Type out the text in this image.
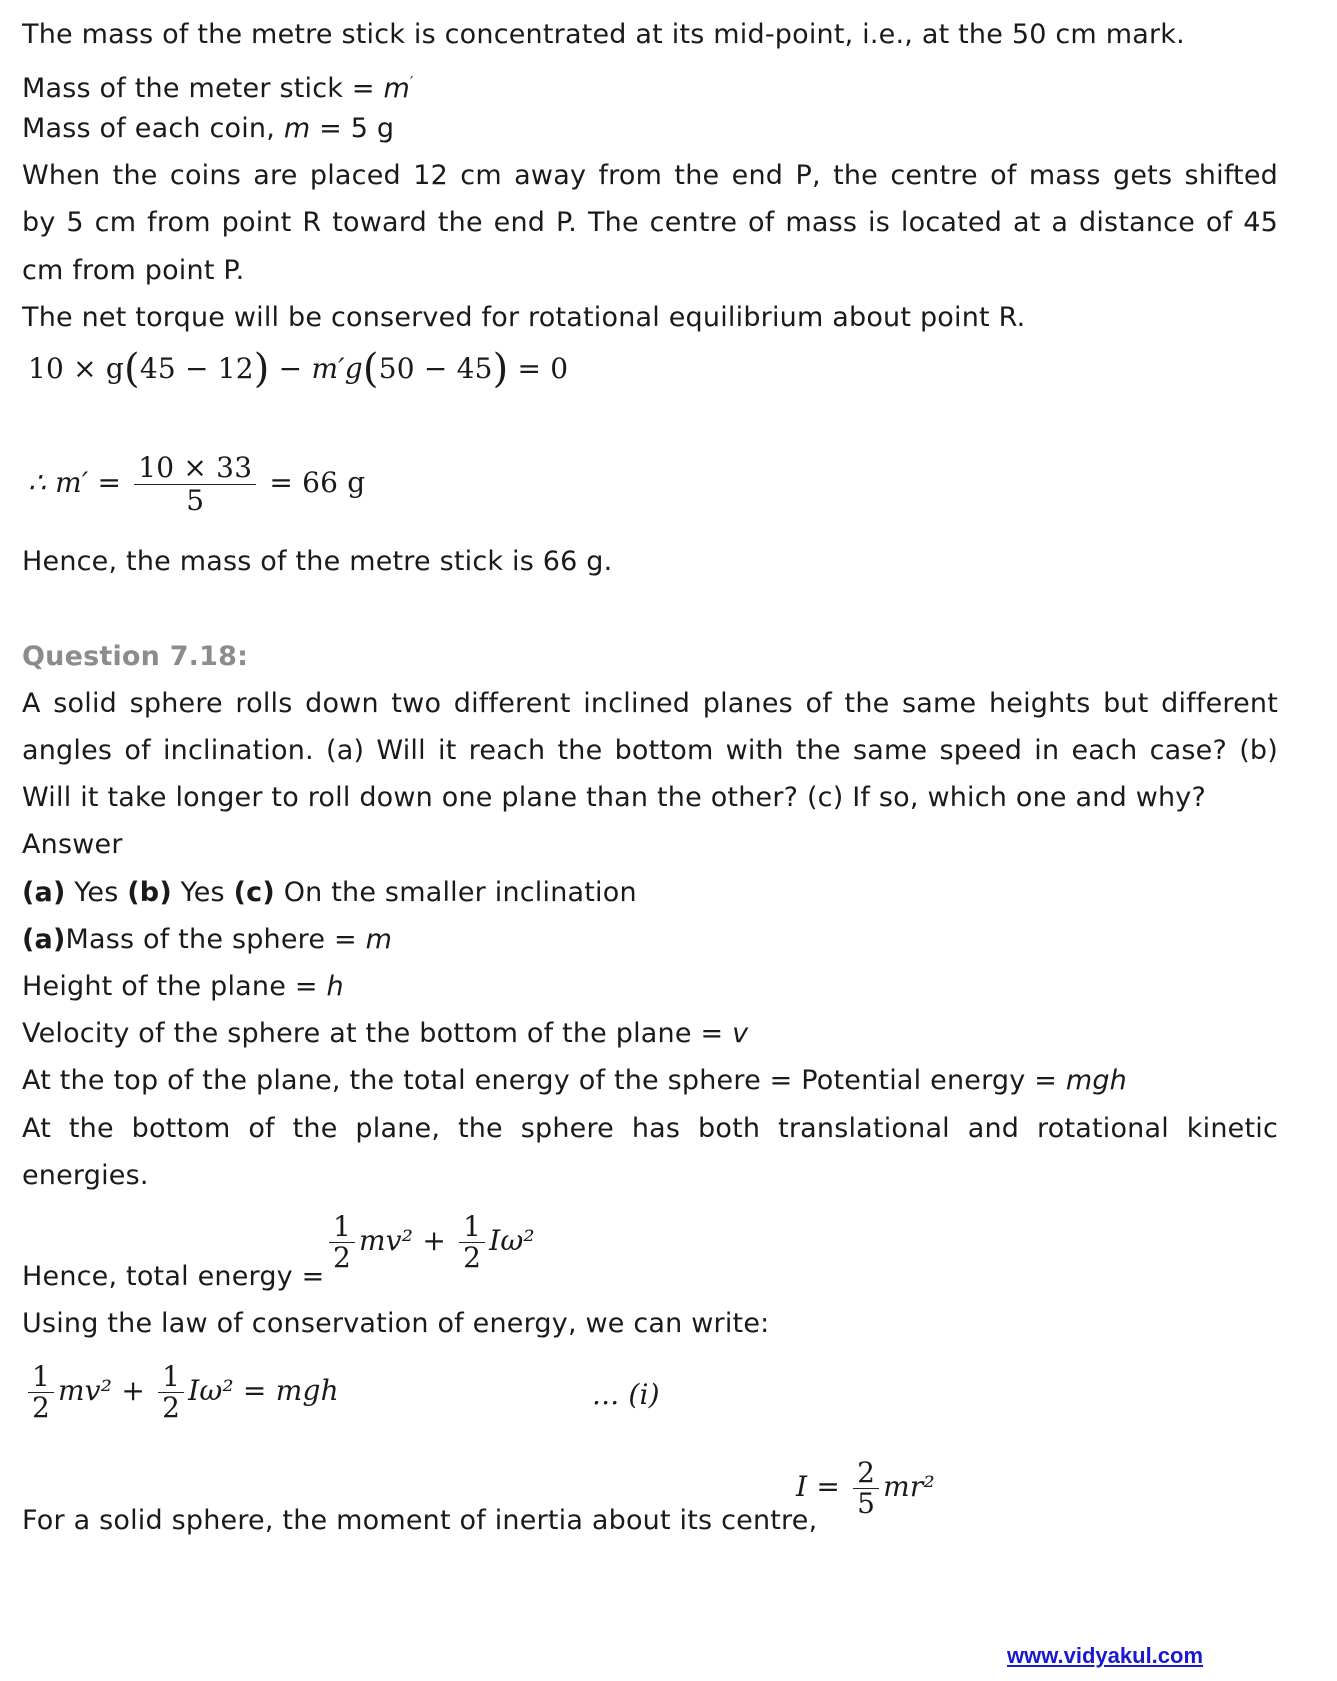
The mass of the metre stick is concentrated at its mid-point, i.e., at the 50 cm mark.
Mass of the meter stick = m′
Mass of each coin, m = 5 g
When the coins are placed 12 cm away from the end P, the centre of mass gets shifted
by 5 cm from point R toward the end P. The centre of mass is located at a distance of 45
cm from point P.
The net torque will be conserved for rotational equilibrium about point R.
10 × g(45 − 12) − m′g(50 − 45) = 0
∴ $m' = \frac{10 \times 33}{5} = 66$ g
Hence, the mass of the metre stick is 66 g.
Question 7.18:
A solid sphere rolls down two different inclined planes of the same heights but different
angles of inclination. (a) Will it reach the bottom with the same speed in each case? (b)
Will it take longer to roll down one plane than the other? (c) If so, which one and why?
Answer
(a) Yes (b) Yes (c) On the smaller inclination
(a)Mass of the sphere = m
Height of the plane = h
Velocity of the sphere at the bottom of the plane = v
At the top of the plane, the total energy of the sphere = Potential energy = mgh
At the bottom of the plane, the sphere has both translational and rotational kinetic
energies.
Hence, total energy =
$\frac{1}{2} mv^2 + \frac{1}{2} I\omega^2$
Using the law of conservation of energy, we can write:
$\frac{1}{2} mv^2 + \frac{1}{2} I\omega^2$ = mgh	... (i)
For a solid sphere, the moment of inertia about its centre,
$I = \frac{2}{5} mr^2$
www.vidyakul.com
